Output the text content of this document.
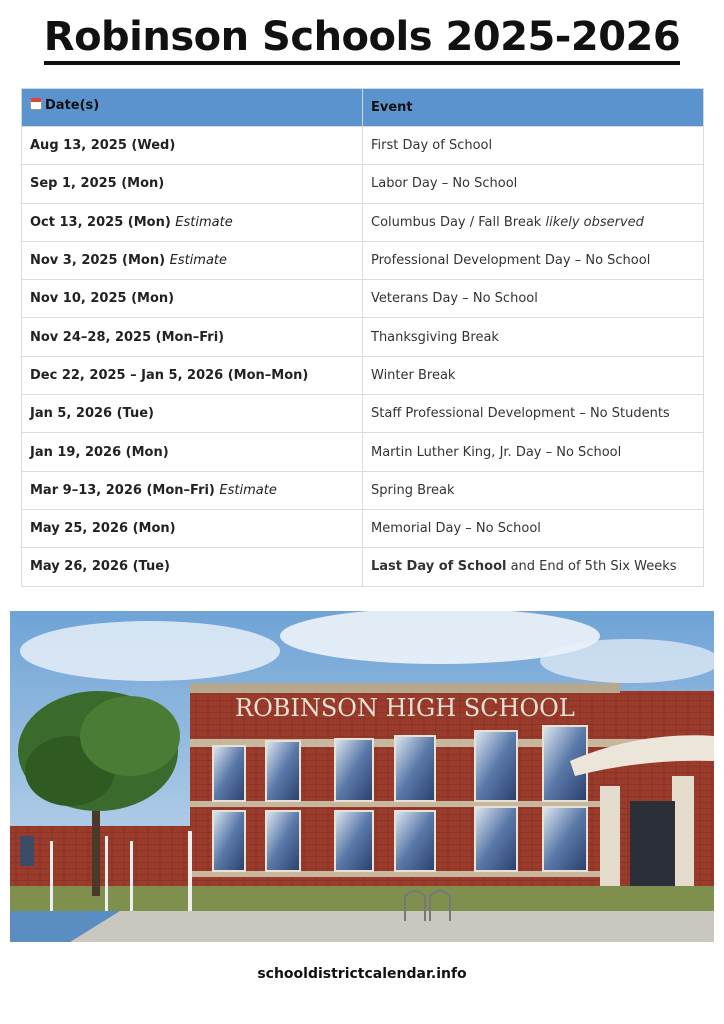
Robinson Schools 2025-2026
Date(s)	Event
Aug 13, 2025 (Wed)	First Day of School
Sep 1, 2025 (Mon)	Labor Day – No School
Oct 13, 2025 (Mon) Estimate	Columbus Day / Fall Break likely observed
Nov 3, 2025 (Mon) Estimate	Professional Development Day – No School
Nov 10, 2025 (Mon)	Veterans Day – No School
Nov 24–28, 2025 (Mon–Fri)	Thanksgiving Break
Dec 22, 2025 – Jan 5, 2026 (Mon–Mon)	Winter Break
Jan 5, 2026 (Tue)	Staff Professional Development – No Students
Jan 19, 2026 (Mon)	Martin Luther King, Jr. Day – No School
Mar 9–13, 2026 (Mon–Fri) Estimate	Spring Break
May 25, 2026 (Mon)	Memorial Day – No School
May 26, 2026 (Tue)	Last Day of School and End of 5th Six Weeks
ROBINSON HIGH SCHOOL
schooldistrictcalendar.info
